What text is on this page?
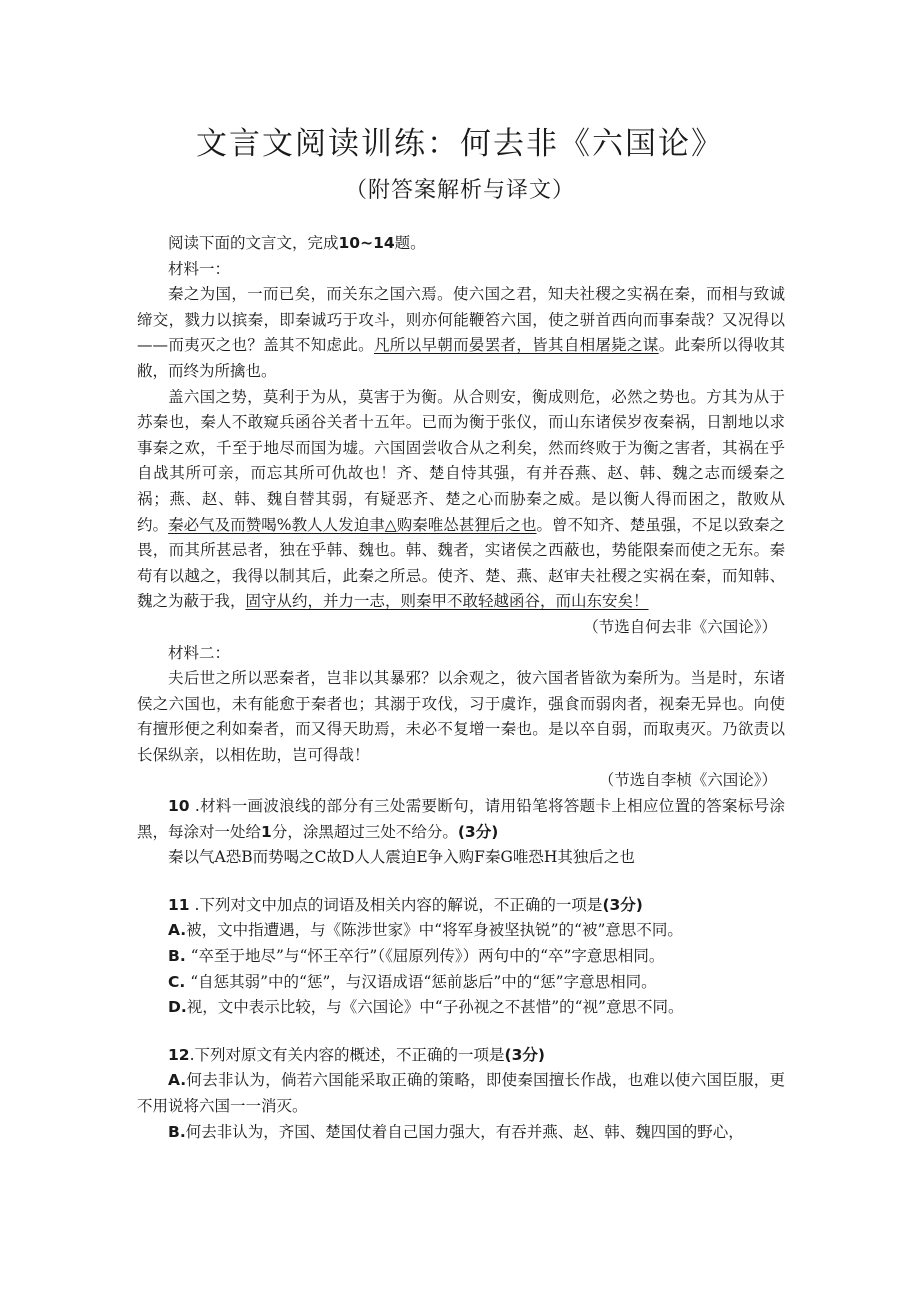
文言文阅读训练：何去非《六国论》
（附答案解析与译文）

阅读下面的文言文，完成10~14题。

材料一：

秦之为国，一而已矣，而关东之国六焉。使六国之君，知夫社稷之实祸在秦，而相与致诚缔交，戮力以摈秦，即秦诚巧于攻斗，则亦何能鞭笞六国，使之骈首西向而事秦哉？又况得以——而夷灭之也？盖其不知虑此。凡所以早朝而晏罢者，皆其自相屠毙之谋。此秦所以得收其敝，而终为所擒也。

盖六国之势，莫利于为从，莫害于为衡。从合则安，衡成则危，必然之势也。方其为从于苏秦也，秦人不敢窥兵函谷关者十五年。已而为衡于张仪，而山东诸侯岁夜秦祸，日割地以求事秦之欢，千至于地尽而国为墟。六国固尝收合从之利矣，然而终败于为衡之害者，其祸在乎自战其所可亲，而忘其所可仇故也！齐、楚自恃其强，有并吞燕、赵、韩、魏之志而缓秦之祸；燕、赵、韩、魏自替其弱，有疑恶齐、楚之心而胁秦之威。是以衡人得而困之，散败从约。秦必气及而赞喝%教人人发迫聿△购秦唯怂甚狸后之也。曾不知齐、楚虽强，不足以致秦之畏，而其所甚忌者，独在乎韩、魏也。韩、魏者，实诸侯之西蔽也，势能限秦而使之无东。秦苟有以越之，我得以制其后，此秦之所忌。使齐、楚、燕、赵审夫社稷之实祸在秦，而知韩、魏之为蔽于我，固守从约，并力一志，则秦甲不敢轻越函谷，而山东安矣！

（节选自何去非《六国论》）

材料二：

夫后世之所以恶秦者，岂非以其暴邪？以余观之，彼六国者皆欲为秦所为。当是时，东诸侯之六国也，未有能愈于秦者也；其溺于攻伐，习于虞诈，强食而弱肉者，视秦无异也。向使有擅形便之利如秦者，而又得天助焉，未必不复增一秦也。是以卒自弱，而取夷灭。乃欲责以长保纵亲，以相佐助，岂可得哉！

（节选自李桢《六国论》）

10 .材料一画波浪线的部分有三处需要断句，请用铅笔将答题卡上相应位置的答案标号涂黑，每涂对一处给1分，涂黑超过三处不给分。(3分)

秦以气A恐B而势喝之C故D人人震迫E争入购F秦G唯恐H其独后之也

11 .下列对文中加点的词语及相关内容的解说，不正确的一项是(3分)

A.被，文中指遭遇，与《陈涉世家》中“将军身被坚执锐”的“被”意思不同。

B. “卒至于地尽”与“怀王卒行”（《屈原列传》）两句中的“卒”字意思相同。

C. “自惩其弱”中的“惩”，与汉语成语“惩前毖后”中的“惩”字意思相同。

D.视，文中表示比较，与《六国论》中“子孙视之不甚惜”的“视”意思不同。

12.下列对原文有关内容的概述，不正确的一项是(3分)

A.何去非认为，倘若六国能采取正确的策略，即使秦国擅长作战，也难以使六国臣服，更不用说将六国一一消灭。

B.何去非认为，齐国、楚国仗着自己国力强大，有吞并燕、赵、韩、魏四国的野心，
